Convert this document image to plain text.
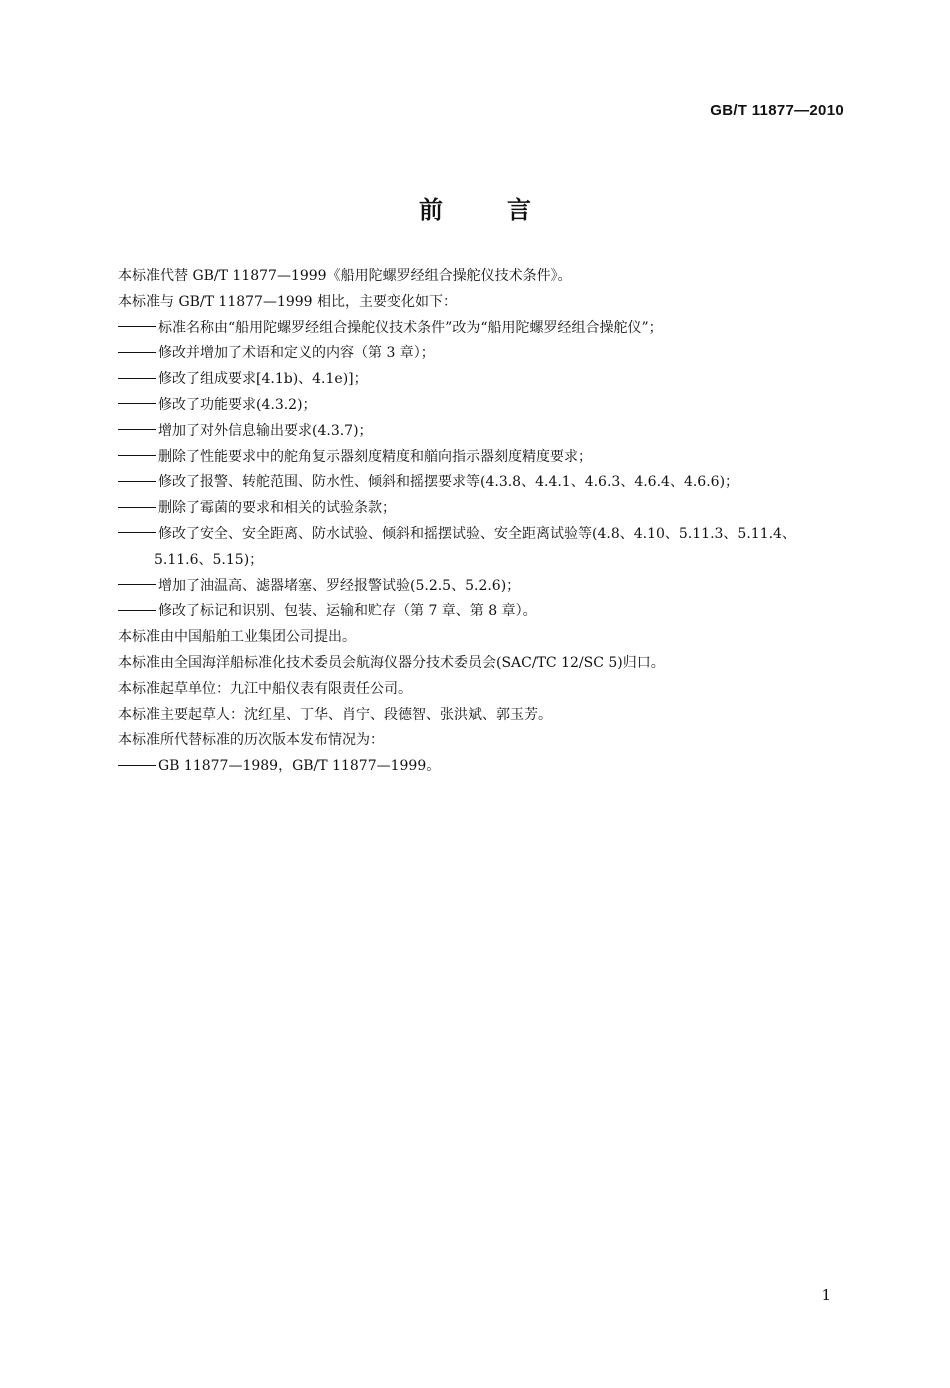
GB/T 11877—2010
前言
本标准代替 GB/T 11877—1999《船用陀螺罗经组合操舵仪技术条件》。
本标准与 GB/T 11877—1999 相比，主要变化如下：
标准名称由“船用陀螺罗经组合操舵仪技术条件”改为“船用陀螺罗经组合操舵仪”；
修改并增加了术语和定义的内容（第 3 章）；
修改了组成要求[4.1b)、4.1e)]；
修改了功能要求(4.3.2)；
增加了对外信息输出要求(4.3.7)；
删除了性能要求中的舵角复示器刻度精度和艏向指示器刻度精度要求；
修改了报警、转舵范围、防水性、倾斜和摇摆要求等(4.3.8、4.4.1、4.6.3、4.6.4、4.6.6)；
删除了霉菌的要求和相关的试验条款；
修改了安全、安全距离、防水试验、倾斜和摇摆试验、安全距离试验等(4.8、4.10、5.11.3、5.11.4、
5.11.6、5.15)；
增加了油温高、滤器堵塞、罗经报警试验(5.2.5、5.2.6)；
修改了标记和识别、包装、运输和贮存（第 7 章、第 8 章）。
本标准由中国船舶工业集团公司提出。
本标准由全国海洋船标准化技术委员会航海仪器分技术委员会(SAC/TC 12/SC 5)归口。
本标准起草单位：九江中船仪表有限责任公司。
本标准主要起草人：沈红星、丁华、肖宁、段德智、张洪斌、郭玉芳。
本标准所代替标准的历次版本发布情况为：
GB 11877—1989，GB/T 11877—1999。
1
